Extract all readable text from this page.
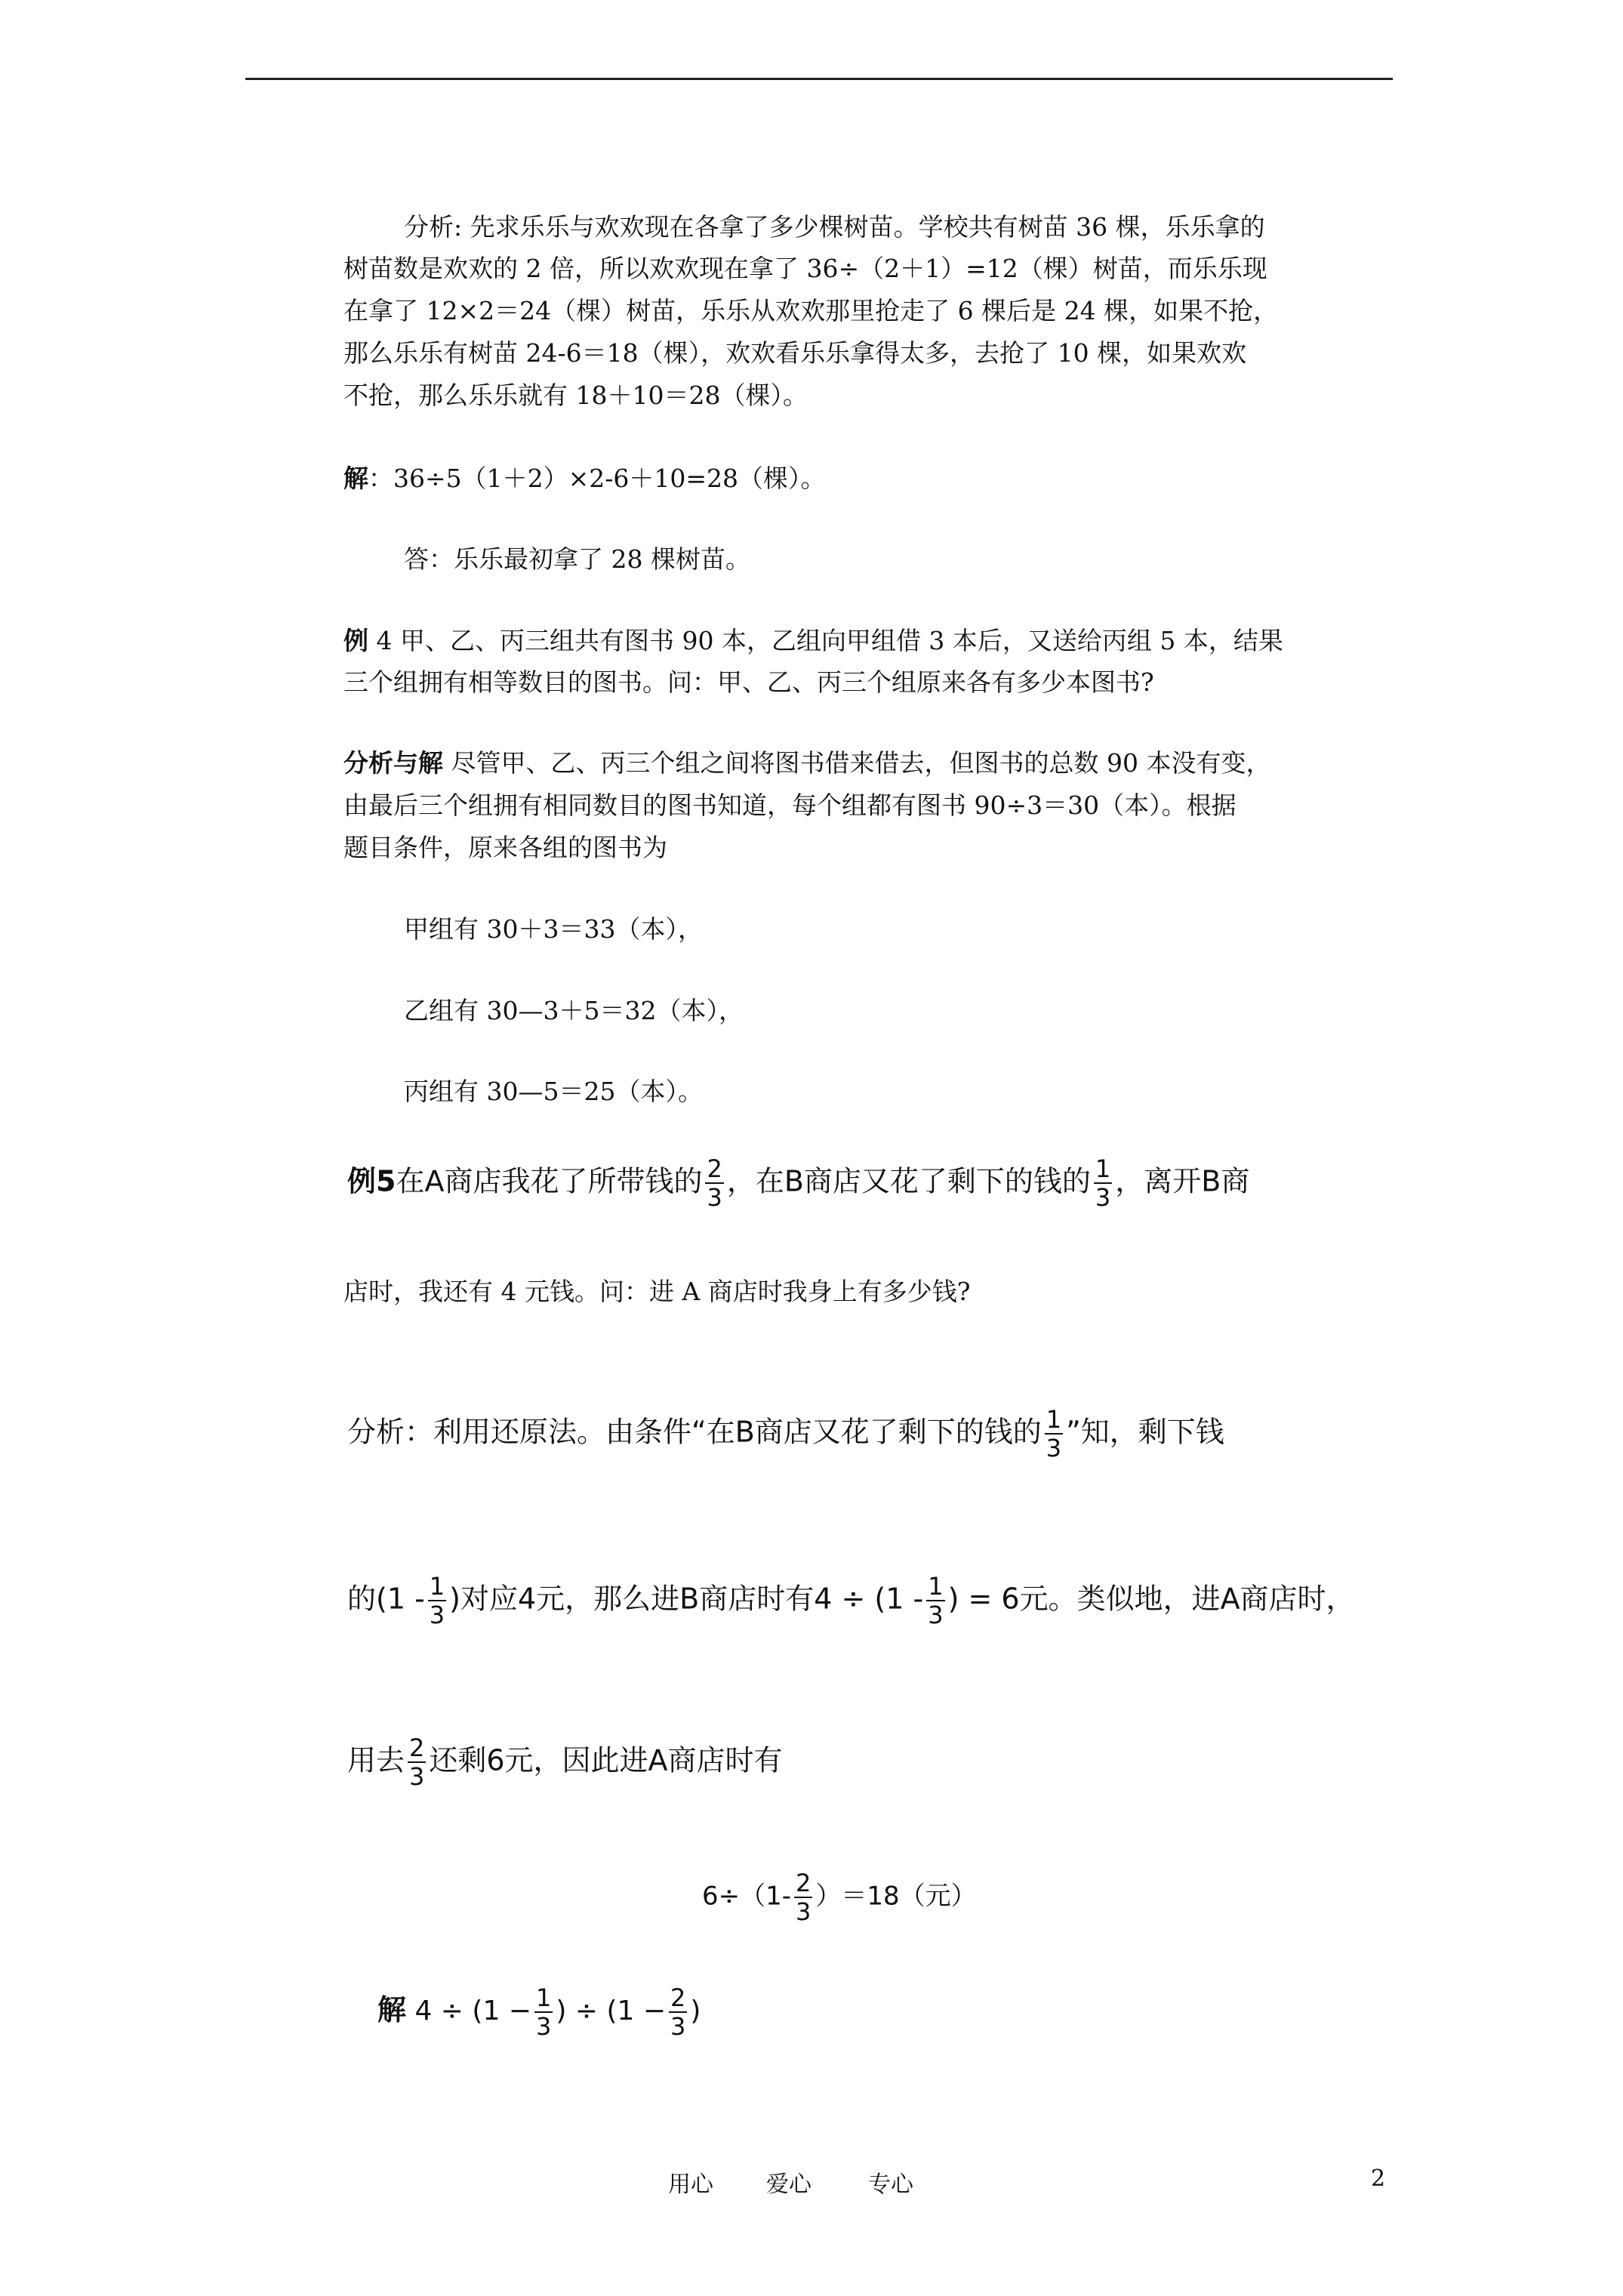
分析: 先求乐乐与欢欢现在各拿了多少棵树苗。学校共有树苗 36 棵，乐乐拿的
树苗数是欢欢的 2 倍，所以欢欢现在拿了 36÷（2＋1）=12（棵）树苗，而乐乐现
在拿了 12×2＝24（棵）树苗，乐乐从欢欢那里抢走了 6 棵后是 24 棵，如果不抢，
那么乐乐有树苗 24-6＝18（棵），欢欢看乐乐拿得太多，去抢了 10 棵，如果欢欢
不抢，那么乐乐就有 18＋10＝28（棵）。
解：36÷5（1＋2）×2-6＋10=28（棵）。
答：乐乐最初拿了 28 棵树苗。
例 4 甲、乙、丙三组共有图书 90 本，乙组向甲组借 3 本后，又送给丙组 5 本，结果
三个组拥有相等数目的图书。问：甲、乙、丙三个组原来各有多少本图书?
分析与解 尽管甲、乙、丙三个组之间将图书借来借去，但图书的总数 90 本没有变，
由最后三个组拥有相同数目的图书知道，每个组都有图书 90÷3＝30（本）。根据
题目条件，原来各组的图书为
甲组有 30＋3＝33（本），
乙组有 30—3＋5＝32（本），
丙组有 30—5＝25（本）。
例5在A商店我花了所带钱的 $\frac{2}{3}$ ，在B商店又花了剩下的钱的 $\frac{1}{3}$ ，离开B商
店时，我还有 4 元钱。问：进 A 商店时我身上有多少钱?
分析：利用还原法。由条件“在B商店又花了剩下的钱的 $\frac{1}{3}$ ”知，剩下钱
的($1 - \frac{1}{3}$ )对应4元，那么进B商店时有$4 \div (1 - \frac{1}{3}$ ) = 6元。类似地，进A商店时，
用去 $\frac{2}{3}$ 还剩6元，因此进A商店时有
$6\div(1- \frac{2}{3} )=18$（元）
解 $4 \div (1 - \frac{1}{3}$ ) ÷ ($1 - \frac{2}{3}$ )
用心 爱心	专心	2
